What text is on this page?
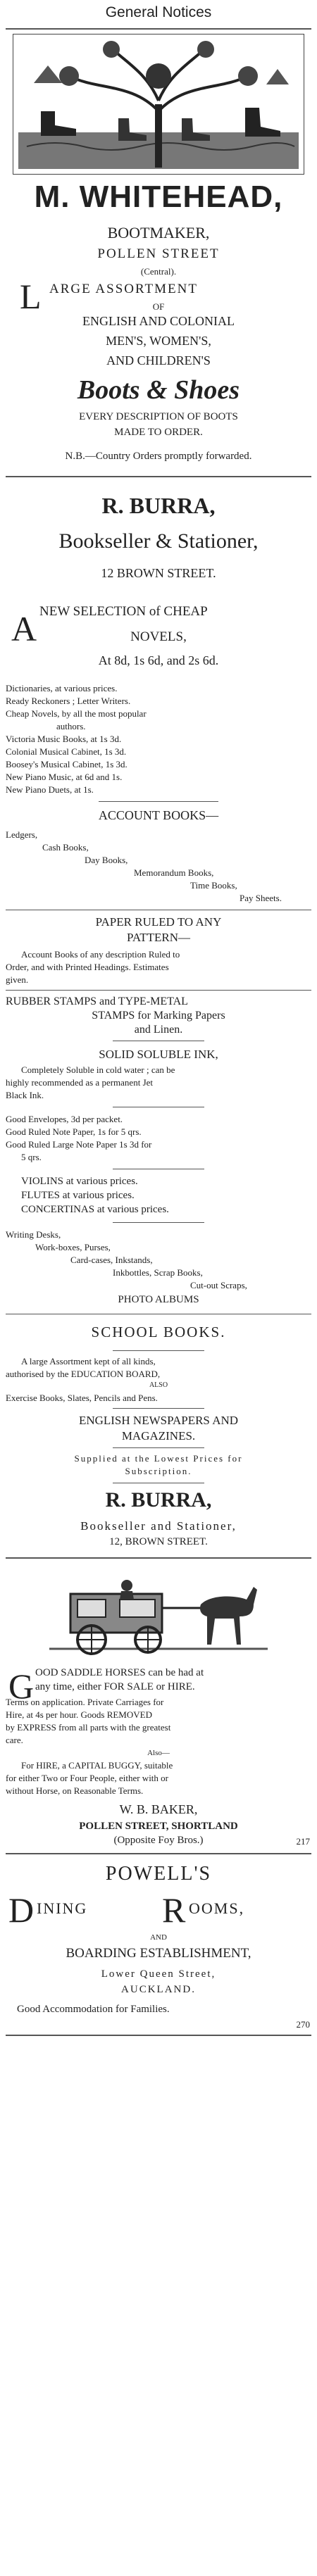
General Notices
M. WHITEHEAD,
BOOTMAKER,
POLLEN STREET
(Central).
L ARGE ASSORTMENT
OF
ENGLISH AND COLONIAL
MEN'S, WOMEN'S,
AND CHILDREN'S
Boots & Shoes
EVERY DESCRIPTION OF BOOTS
MADE TO ORDER.
N.B.—Country Orders promptly forwarded.
R. BURRA,
Bookseller & Stationer,
12 BROWN STREET.
A NEW SELECTION of CHEAP
NOVELS,
At 8d, 1s 6d, and 2s 6d.
Dictionaries, at various prices.
Ready Reckoners ; Letter Writers.
Cheap Novels, by all the most popular
authors.
Victoria Music Books, at 1s 3d.
Colonial Musical Cabinet, 1s 3d.
Boosey's Musical Cabinet, 1s 3d.
New Piano Music, at 6d and 1s.
New Piano Duets, at 1s.
ACCOUNT BOOKS—
Ledgers,
Cash Books,
Day Books,
Memorandum Books,
Time Books,
Pay Sheets.
PAPER RULED TO ANY
PATTERN—
Account Books of any description Ruled to
Order, and with Printed Headings. Estimates
given.
RUBBER STAMPS and TYPE-METAL
STAMPS for Marking Papers
and Linen.
SOLID SOLUBLE INK,
Completely Soluble in cold water ; can be
highly recommended as a permanent Jet
Black Ink.
Good Envelopes, 3d per packet.
Good Ruled Note Paper, 1s for 5 qrs.
Good Ruled Large Note Paper 1s 3d for
5 qrs.
VIOLINS at various prices.
FLUTES at various prices.
CONCERTINAS at various prices.
Writing Desks,
Work-boxes, Purses,
Card-cases, Inkstands,
Inkbottles, Scrap Books,
Cut-out Scraps,
PHOTO ALBUMS
SCHOOL BOOKS.
A large Assortment kept of all kinds,
authorised by the EDUCATION BOARD,
ALSO
Exercise Books, Slates, Pencils and Pens.
ENGLISH NEWSPAPERS AND
MAGAZINES.
Supplied at the Lowest Prices for
Subscription.
R. BURRA,
Bookseller and Stationer,
12, BROWN STREET.
G OOD SADDLE HORSES can be had at
any time, either FOR SALE or HIRE.
Terms on application. Private Carriages for
Hire, at 4s per hour. Goods REMOVED
by EXPRESS from all parts with the greatest
care.
Also—
For HIRE, a CAPITAL BUGGY, suitable
for either Two or Four People, either with or
without Horse, on Reasonable Terms.
W. B. BAKER,
POLLEN STREET, SHORTLAND
(Opposite Foy Bros.)	217
POWELL'S
D INING	R OOMS,
AND
BOARDING ESTABLISHMENT,
Lower Queen Street,
AUCKLAND.
Good Accommodation for Families.
270
